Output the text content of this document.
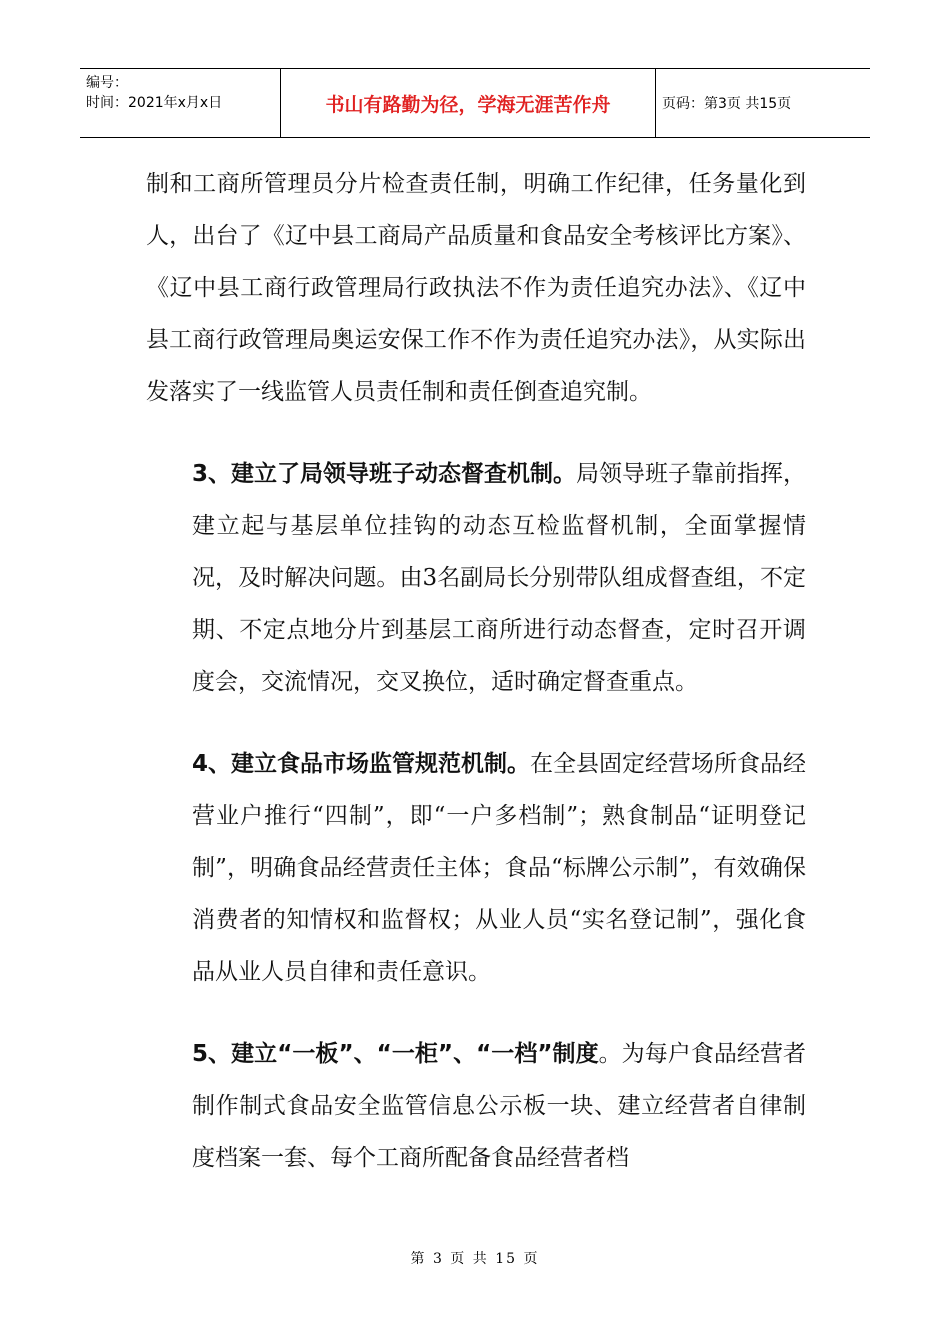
编号：
时间：2021年x月x日	书山有路勤为径，学海无涯苦作舟	页码：第3页 共15页

制和工商所管理员分片检查责任制，明确工作纪律，任务量化到人，出台了《辽中县工商局产品质量和食品安全考核评比方案》、《辽中县工商行政管理局行政执法不作为责任追究办法》、《辽中县工商行政管理局奥运安保工作不作为责任追究办法》，从实际出发落实了一线监管人员责任制和责任倒查追究制。

3、建立了局领导班子动态督查机制。局领导班子靠前指挥，建立起与基层单位挂钩的动态互检监督机制，全面掌握情况，及时解决问题。由3名副局长分别带队组成督查组，不定期、不定点地分片到基层工商所进行动态督查，定时召开调度会，交流情况，交叉换位，适时确定督查重点。

4、建立食品市场监管规范机制。在全县固定经营场所食品经营业户推行“四制”，即“一户多档制”；熟食制品“证明登记制”，明确食品经营责任主体；食品“标牌公示制”，有效确保消费者的知情权和监督权；从业人员“实名登记制”，强化食品从业人员自律和责任意识。

5、建立“一板”、“一柜”、“一档”制度。为每户食品经营者制作制式食品安全监管信息公示板一块、建立经营者自律制度档案一套、每个工商所配备食品经营者档

第 3 页 共 15 页
